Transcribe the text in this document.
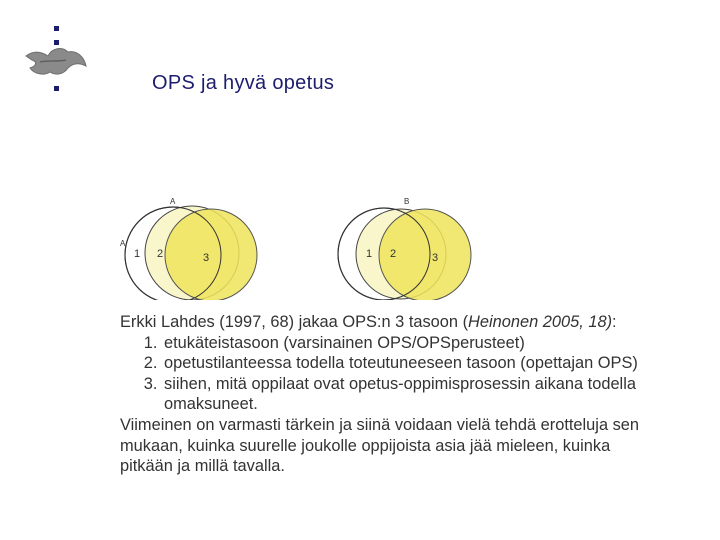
OPS ja hyvä opetus
A
A
1 2	3
B
1 2	3

Erkki Lahdes (1997, 68) jakaa OPS:n 3 tasoon (Heinonen 2005, 18):

1. etukäteistasoon (varsinainen OPS/OPSperusteet)
2. opetustilanteessa todella toteutuneeseen tasoon (opettajan OPS)
3. siihen, mitä oppilaat ovat opetus-oppimisprosessin aikana todella omaksuneet.

Viimeinen on varmasti tärkein ja siinä voidaan vielä tehdä erotteluja sen mukaan, kuinka suurelle joukolle oppijoista asia jää mieleen, kuinka pitkään ja millä tavalla.
